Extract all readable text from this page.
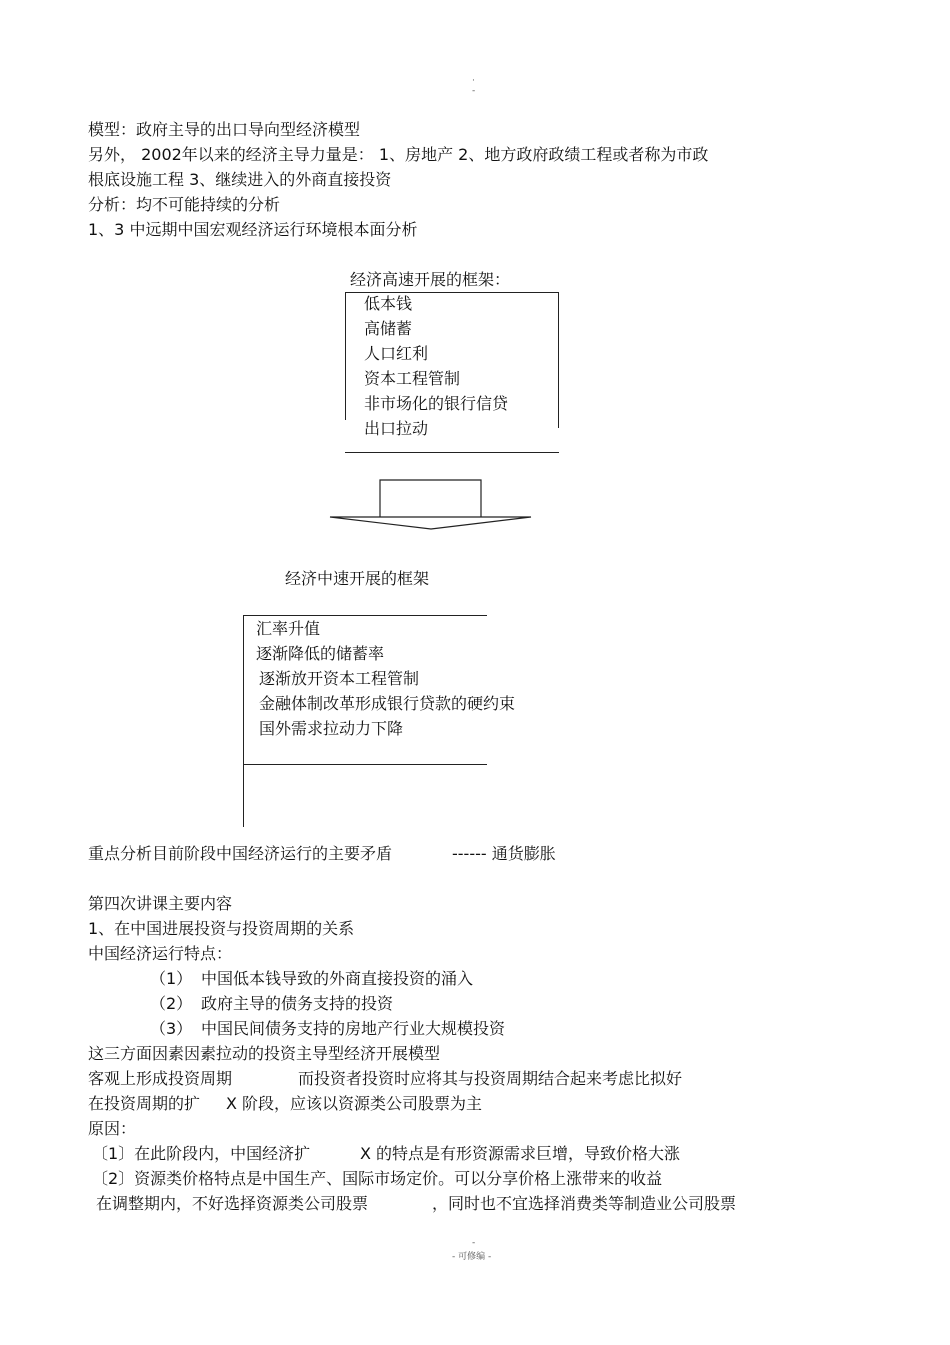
·
-
模型：政府主导的出口导向型经济模型
另外， 2002年以来的经济主导力量是： 1、房地产 2、地方政府政绩工程或者称为市政
根底设施工程 3、继续进入的外商直接投资
分析：均不可能持续的分析
1、3 中远期中国宏观经济运行环境根本面分析
经济高速开展的框架：
低本钱
高储蓄
人口红利
资本工程管制
非市场化的银行信贷
出口拉动
经济中速开展的框架
汇率升值
逐渐降低的储蓄率
逐渐放开资本工程管制
金融体制改革形成银行贷款的硬约束
国外需求拉动力下降
重点分析目前阶段中国经济运行的主要矛盾	------ 通货膨胀
第四次讲课主要内容
1、在中国进展投资与投资周期的关系
中国经济运行特点：
（1） 中国低本钱导致的外商直接投资的涌入
（2） 政府主导的债务支持的投资
（3） 中国民间债务支持的房地产行业大规模投资
这三方面因素因素拉动的投资主导型经济开展模型
客观上形成投资周期	而投资者投资时应将其与投资周期结合起来考虑比拟好
在投资周期的扩 X 阶段，应该以资源类公司股票为主
原因：
〔1〕在此阶段内，中国经济扩	X 的特点是有形资源需求巨增，导致价格大涨
〔2〕资源类价格特点是中国生产、国际市场定价。可以分享价格上涨带来的收益
在调整期内，不好选择资源类公司股票	，同时也不宜选择消费类等制造业公司股票
-
- 可修编 -
